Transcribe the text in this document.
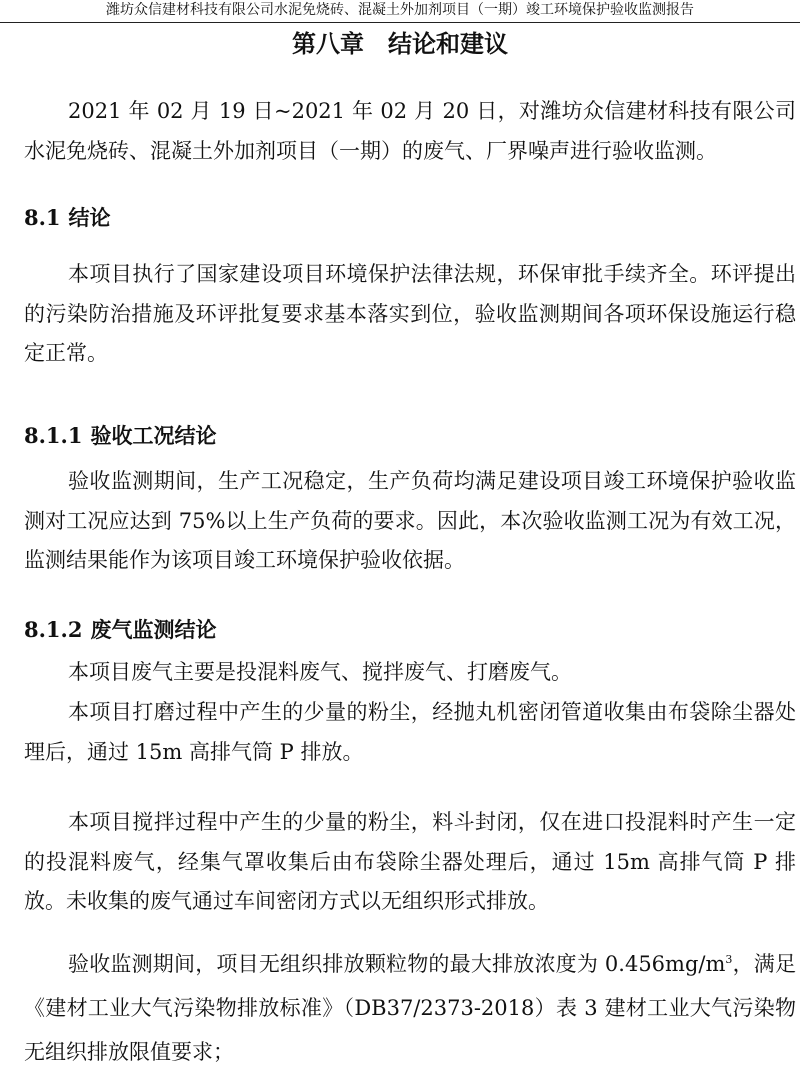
潍坊众信建材科技有限公司水泥免烧砖、混凝土外加剂项目（一期）竣工环境保护验收监测报告
第八章　结论和建议

2021 年 02 月 19 日~2021 年 02 月 20 日，对潍坊众信建材科技有限公司水泥免烧砖、混凝土外加剂项目（一期）的废气、厂界噪声进行验收监测。

8.1 结论

本项目执行了国家建设项目环境保护法律法规，环保审批手续齐全。环评提出的污染防治措施及环评批复要求基本落实到位，验收监测期间各项环保设施运行稳定正常。

8.1.1 验收工况结论

验收监测期间，生产工况稳定，生产负荷均满足建设项目竣工环境保护验收监测对工况应达到 75%以上生产负荷的要求。因此，本次验收监测工况为有效工况，监测结果能作为该项目竣工环境保护验收依据。

8.1.2 废气监测结论

本项目废气主要是投混料废气、搅拌废气、打磨废气。

本项目打磨过程中产生的少量的粉尘，经抛丸机密闭管道收集由布袋除尘器处理后，通过 15m 高排气筒 P 排放。

本项目搅拌过程中产生的少量的粉尘，料斗封闭，仅在进口投混料时产生一定的投混料废气，经集气罩收集后由布袋除尘器处理后，通过 15m 高排气筒 P 排放。未收集的废气通过车间密闭方式以无组织形式排放。

验收监测期间，项目无组织排放颗粒物的最大排放浓度为 $0.456mg/m^3$，满足《建材工业大气污染物排放标准》（DB37/2373-2018）表 3 建材工业大气污染物无组织排放限值要求；
